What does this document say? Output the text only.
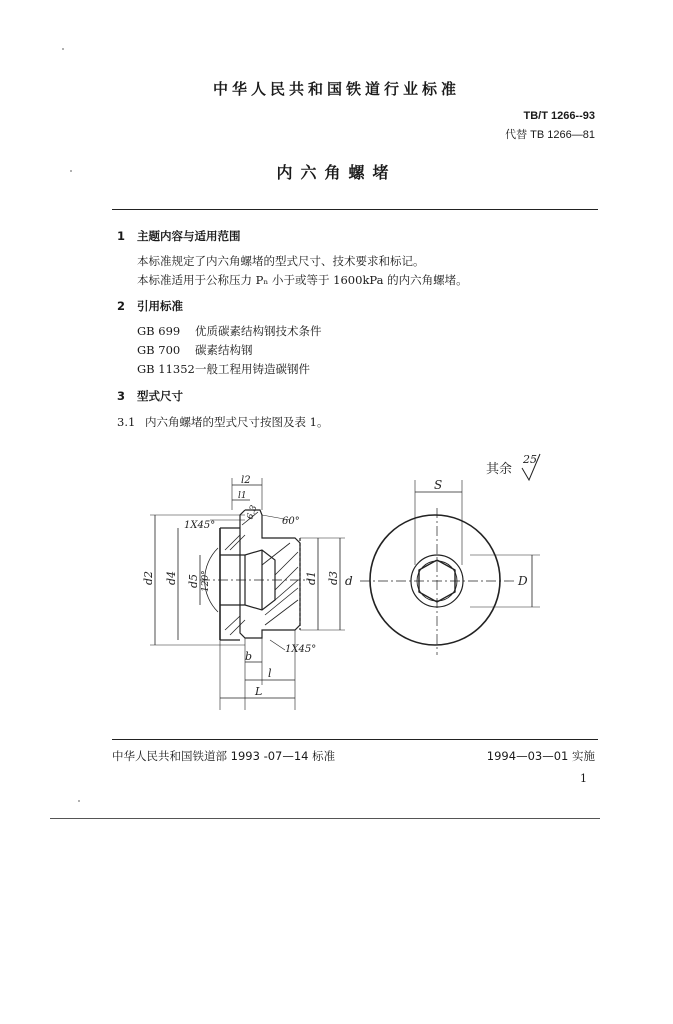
中华人民共和国铁道行业标准
TB/T 1266--93
代替 TB 1266—81
内六角螺堵
1 主题内容与适用范围
本标准规定了内六角螺堵的型式尺寸、技术要求和标记。
本标准适用于公称压力 Pₙ 小于或等于 1600kPa 的内六角螺堵。
2 引用标准
GB 699 优质碳素结构钢技术条件
GB 700 碳素结构钢
GB 11352一般工程用铸造碳钢件
3 型式尺寸
3.1 内六角螺堵的型式尺寸按图及表 1。
l2
l1
1X45°
6.3
60°
120°
d2 d4 d5	d1 d3 d
b
1X45°
l
L
S
D
其余
25
中华人民共和国铁道部 1993 -07—14 标准	1994—03—01 实施
1
